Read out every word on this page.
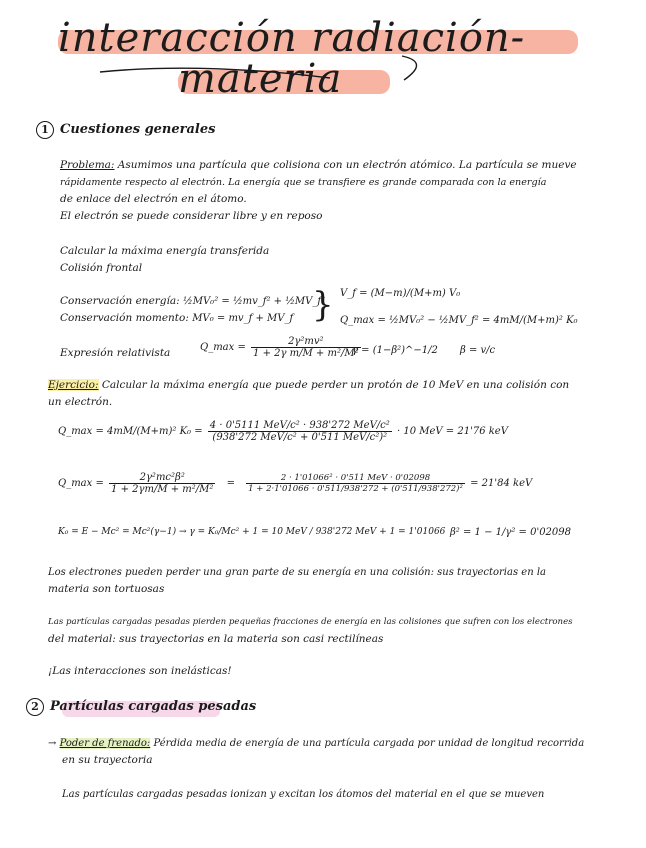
interacción radiación-
materia
1 Cuestiones generales
Problema: Asumimos una partícula que colisiona con un electrón atómico. La partícula se mueve
rápidamente respecto al electrón. La energía que se transfiere es grande comparada con la energía
de enlace del electrón en el átomo.
El electrón se puede considerar libre y en reposo
Calcular la máxima energía transferida
Colisión frontal
Conservación energía: ½MV₀² = ½mv_f² + ½MV_f²
Conservación momento: MV₀ = mv_f + MV_f } V_f = (M−m)/(M+m) V₀
Q_max = ½MV₀² − ½MV_f² = 4mM/(M+m)² K₀
Expresión relativista	Q_max = $\frac{\text{2γ²mv²}}{\text{1 + 2γ m/M + m²/M²}}$
γ = (1−β²)^−1/2 β = v/c
Ejercicio: Calcular la máxima energía que puede perder un protón de 10 MeV en una colisión con
un electrón.
Q_max = 4mM/(M+m)² $K_0 = \frac{\text{4 · 0'5111 MeV/c² · 938'272 MeV/c²}}{\text{(938'272 MeV/c² + 0'511 MeV/c²)²}} \cdot 10$ MeV = 21'76 keV
Q_max = $\frac{\text{2γ²mc²β²}}{\text{1 + 2γm/M + m²/M²}} = \frac{\text{2 · 1'01066² · 0'511 MeV · 0'02098}}{\text{1 + 2·1'01066 · 0'511/938'272 + (0'511/938'272)²}} = 21'84$ keV
K₀ = E − Mc² = Mc²(γ−1) → γ = K₀/Mc² + 1 = 10 MeV / 938'272 MeV + 1 = 1'01066 β² = 1 − 1/γ² = 0'02098
Los electrones pueden perder una gran parte de su energía en una colisión: sus trayectorias en la
materia son tortuosas
Las partículas cargadas pesadas pierden pequeñas fracciones de energía en las colisiones que sufren con los electrones
del material: sus trayectorias en la materia son casi rectilíneas
¡Las interacciones son inelásticas!
2 Partículas cargadas pesadas
→ Poder de frenado: Pérdida media de energía de una partícula cargada por unidad de longitud recorrida
en su trayectoria
Las partículas cargadas pesadas ionizan y excitan los átomos del material en el que se mueven
